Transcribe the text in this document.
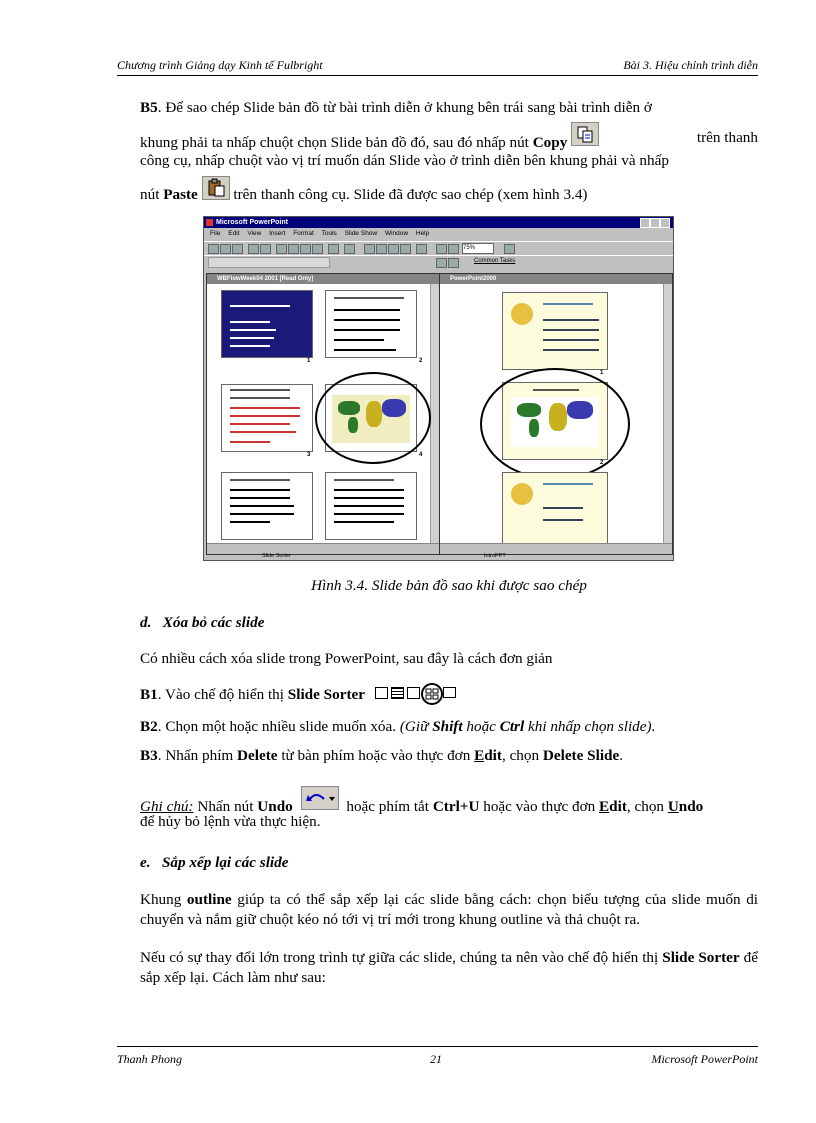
Chương trình Giảng dạy Kinh tế Fulbright	Bài 3. Hiệu chỉnh trình diễn
B5. Để sao chép Slide bản đồ từ bài trình diễn ở khung bên trái sang bài trình diễn ở
khung phải ta nhấp chuột chọn Slide bản đồ đó, sau đó nhấp nút Copy	trên thanh
công cụ, nhấp chuột vào vị trí muốn dán Slide vào ở trình diễn bên khung phải và nhấp
nút Paste trên thanh công cụ. Slide đã được sao chép (xem hình 3.4)
Microsoft PowerPoint
File Edit View Insert Format Tools Slide Show Window Help
75%
Common Tasks
WBFlowWeek04 2001 [Read Only]
1	2
3	4
PowerPoint2000
1
2
Slide Sorter	IntroPPT
Hình 3.4. Slide bản đồ sao khi được sao chép
d. Xóa bỏ các slide
Có nhiều cách xóa slide trong PowerPoint, sau đây là cách đơn giản
B1. Vào chế độ hiển thị Slide Sorter
B2. Chọn một hoặc nhiều slide muốn xóa. (Giữ Shift hoặc Ctrl khi nhấp chọn slide).
B3. Nhấn phím Delete từ bàn phím hoặc vào thực đơn Edit, chọn Delete Slide.
Ghi chú: Nhấn nút Undo	hoặc phím tắt Ctrl+U hoặc vào thực đơn Edit, chọn Undo
để hủy bỏ lệnh vừa thực hiện.
e. Sắp xếp lại các slide
Khung outline giúp ta có thể sắp xếp lại các slide bằng cách: chọn biểu tượng của slide muốn di chuyển và nắm giữ chuột kéo nó tới vị trí mới trong khung outline và thả chuột ra.
Nếu có sự thay đổi lớn trong trình tự giữa các slide, chúng ta nên vào chế độ hiển thị Slide Sorter để sắp xếp lại. Cách làm như sau:
Thanh Phong	21	Microsoft PowerPoint
